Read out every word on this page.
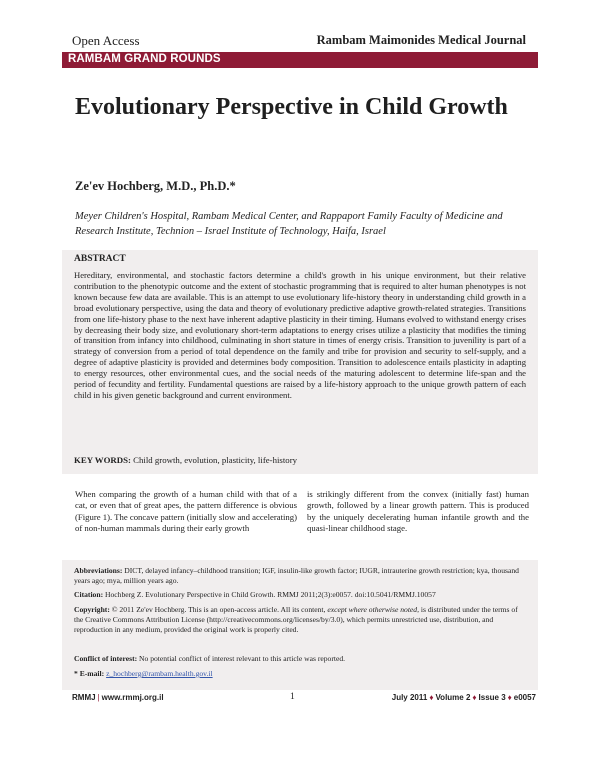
Open Access	Rambam Maimonides Medical Journal
RAMBAM GRAND ROUNDS
Evolutionary Perspective in Child Growth
Ze'ev Hochberg, M.D., Ph.D.*
Meyer Children's Hospital, Rambam Medical Center, and Rappaport Family Faculty of Medicine and Research Institute, Technion – Israel Institute of Technology, Haifa, Israel
ABSTRACT

Hereditary, environmental, and stochastic factors determine a child's growth in his unique environment, but their relative contribution to the phenotypic outcome and the extent of stochastic programming that is required to alter human phenotypes is not known because few data are available. This is an attempt to use evolutionary life-history theory in understanding child growth in a broad evolutionary perspective, using the data and theory of evolutionary predictive adaptive growth-related strategies. Transitions from one life-history phase to the next have inherent adaptive plasticity in their timing. Humans evolved to withstand energy crises by decreasing their body size, and evolutionary short-term adaptations to energy crises utilize a plasticity that modifies the timing of transition from infancy into childhood, culminating in short stature in times of energy crisis. Transition to juvenility is part of a strategy of conversion from a period of total dependence on the family and tribe for provision and security to self-supply, and a degree of adaptive plasticity is provided and determines body composition. Transition to adolescence entails plasticity in adapting to energy resources, other environmental cues, and the social needs of the maturing adolescent to determine life-span and the period of fecundity and fertility. Fundamental questions are raised by a life-history approach to the unique growth pattern of each child in his given genetic background and current environment.

KEY WORDS: Child growth, evolution, plasticity, life-history

When comparing the growth of a human child with that of a cat, or even that of great apes, the pattern difference is obvious (Figure 1). The concave pattern (initially slow and accelerating) of non-human mammals during their early growth

is strikingly different from the convex (initially fast) human growth, followed by a linear growth pattern. This is produced by the uniquely decelerating human infantile growth and the quasi-linear childhood stage.

Abbreviations: DICT, delayed infancy–childhood transition; IGF, insulin-like growth factor; IUGR, intrauterine growth restriction; kya, thousand years ago; mya, million years ago.

Citation: Hochberg Z. Evolutionary Perspective in Child Growth. RMMJ 2011;2(3):e0057. doi:10.5041/RMMJ.10057

Copyright: © 2011 Ze'ev Hochberg. This is an open-access article. All its content, except where otherwise noted, is distributed under the terms of the Creative Commons Attribution License (http://creativecommons.org/licenses/by/3.0), which permits unrestricted use, distribution, and reproduction in any medium, provided the original work is properly cited.

Conflict of interest: No potential conflict of interest relevant to this article was reported.

* E-mail: z_hochberg@rambam.health.gov.il

RMMJ | www.rmmj.org.il	1	July 2011 ♦ Volume 2 ♦ Issue 3 ♦ e0057
